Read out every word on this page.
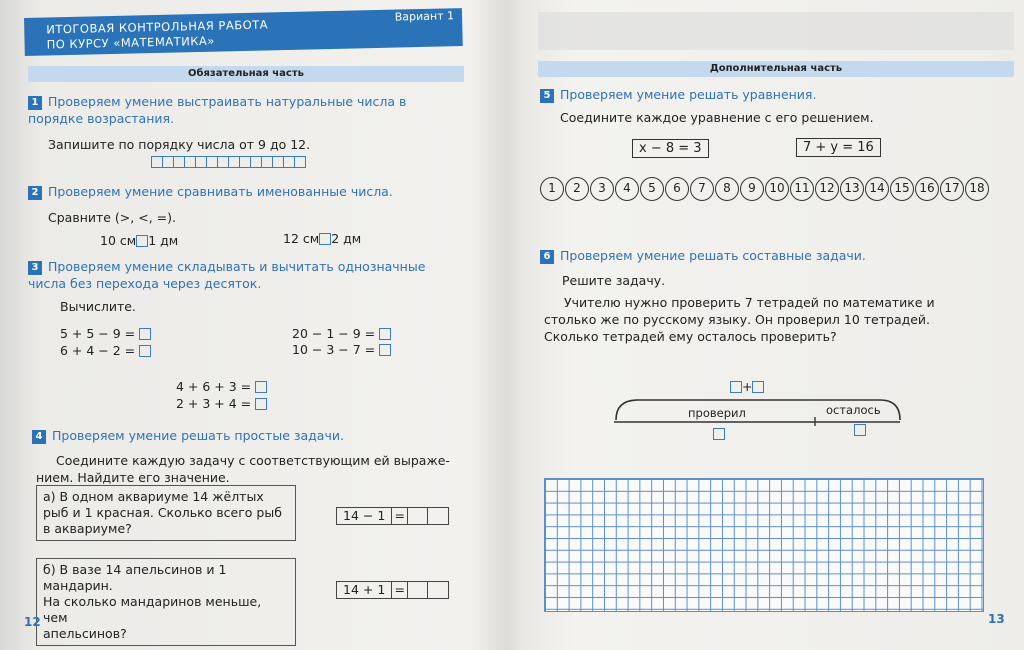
ИТОГОВАЯ КОНТРОЛЬНАЯ РАБОТА
ПО КУРСУ «МАТЕМАТИКА»
Вариант 1
Обязательная часть
1 Проверяем умение выстраивать натуральные числа в
порядке возрастания.
Запишите по порядку числа от 9 до 12.
2 Проверяем умение сравнивать именованные числа.
Сравните (>, <, =).
10 см 1 дм	12 см 2 дм
3 Проверяем умение складывать и вычитать однозначные
числа без перехода через десяток.
Вычислите.
5 + 5 − 9 =
6 + 4 − 2 =
20 − 1 − 9 =
10 − 3 − 7 =
4 + 6 + 3 =
2 + 3 + 4 =
4 Проверяем умение решать простые задачи.
Соедините каждую задачу с соответствующим ей выраже-
нием. Найдите его значение.
а) В одном аквариуме 14 жёлтых
рыб и 1 красная. Сколько всего рыб
в аквариуме?
14 − 1 =
б) В вазе 14 апельсинов и 1 мандарин.
На сколько мандаринов меньше, чем
апельсинов?
14 + 1 =
12
Дополнительная часть
5 Проверяем умение решать уравнения.
Соедините каждое уравнение с его решением.
x − 8 = 3	7 + y = 16
1	2	3	4	5	6	7	8	9	10 11 12 13 14 15 16 17 18
6 Проверяем умение решать составные задачи.
Решите задачу.
Учителю нужно проверить 7 тетрадей по математике и
столько же по русскому языку. Он проверил 10 тетрадей.
Сколько тетрадей ему осталось проверить?
+
проверил	осталось
13
